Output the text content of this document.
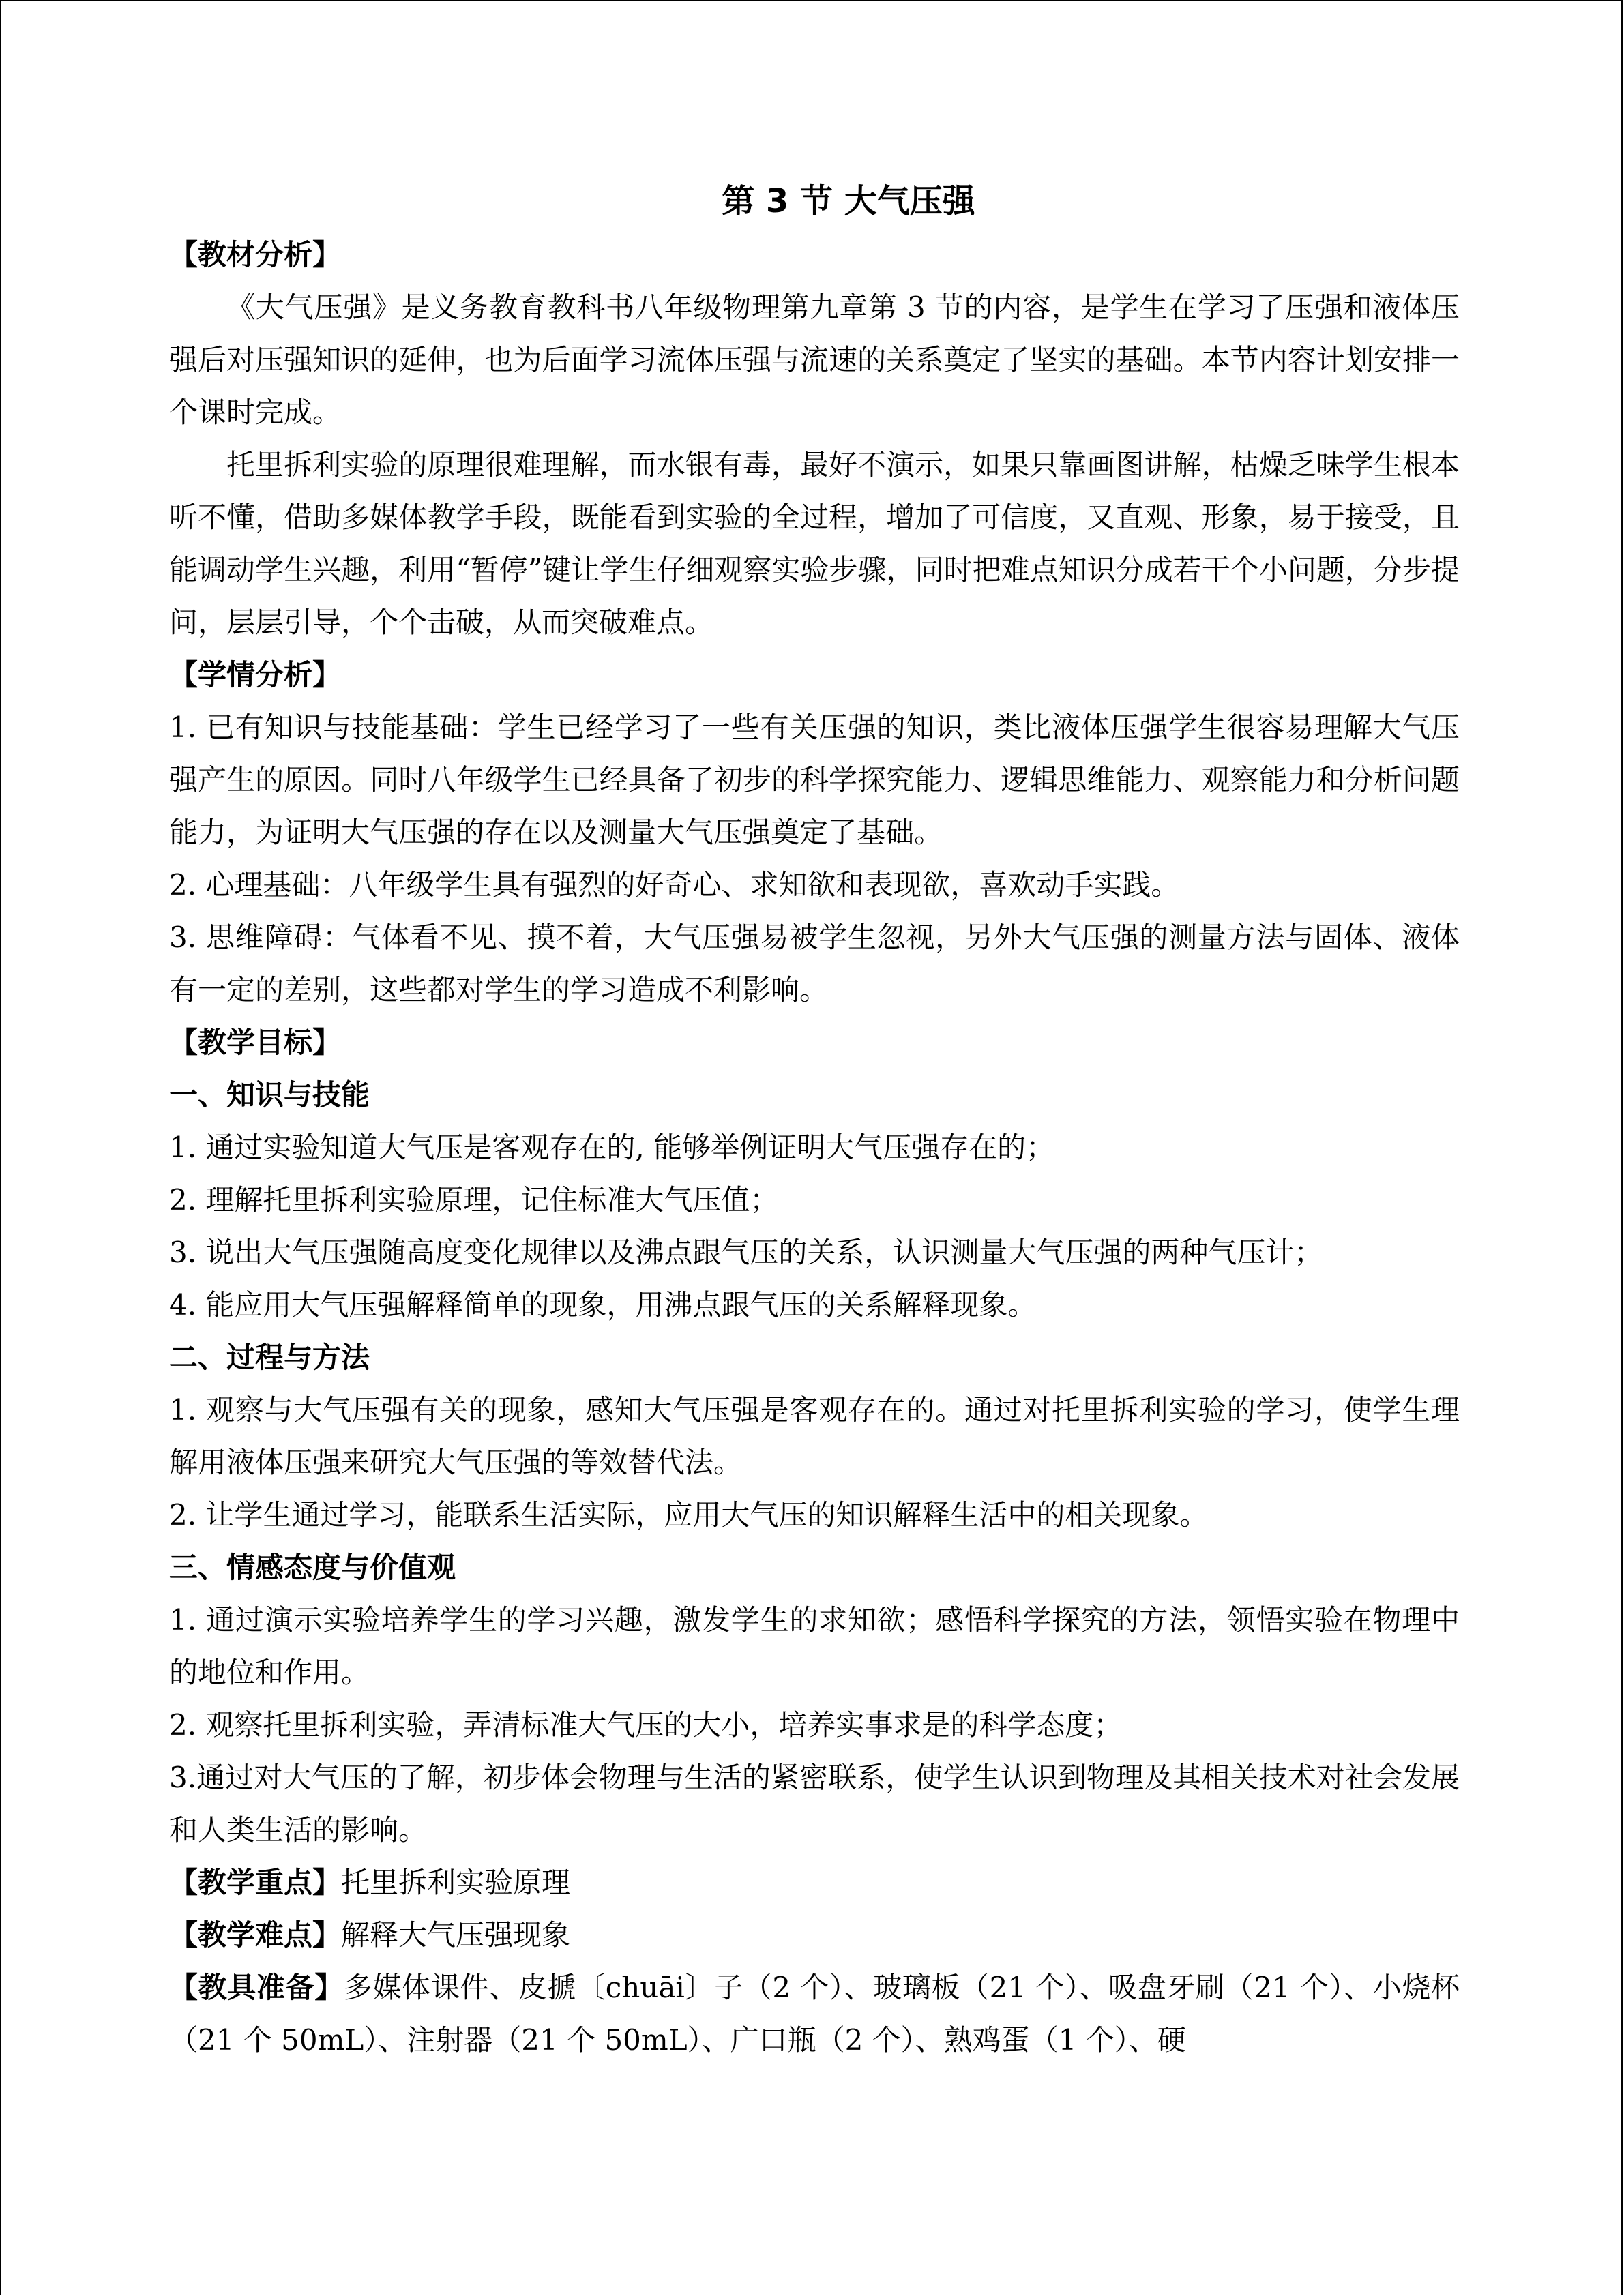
第 3 节 大气压强
【教材分析】

《大气压强》是义务教育教科书八年级物理第九章第 3 节的内容，是学生在学习了压强和液体压强后对压强知识的延伸，也为后面学习流体压强与流速的关系奠定了坚实的基础。本节内容计划安排一个课时完成。

托里拆利实验的原理很难理解，而水银有毒，最好不演示，如果只靠画图讲解，枯燥乏味学生根本听不懂，借助多媒体教学手段，既能看到实验的全过程，增加了可信度，又直观、形象，易于接受，且能调动学生兴趣，利用“暂停”键让学生仔细观察实验步骤，同时把难点知识分成若干个小问题，分步提问，层层引导，个个击破，从而突破难点。

【学情分析】

1. 已有知识与技能基础：学生已经学习了一些有关压强的知识，类比液体压强学生很容易理解大气压强产生的原因。同时八年级学生已经具备了初步的科学探究能力、逻辑思维能力、观察能力和分析问题能力，为证明大气压强的存在以及测量大气压强奠定了基础。

2. 心理基础：八年级学生具有强烈的好奇心、求知欲和表现欲，喜欢动手实践。

3. 思维障碍：气体看不见、摸不着，大气压强易被学生忽视，另外大气压强的测量方法与固体、液体有一定的差别，这些都对学生的学习造成不利影响。

【教学目标】
一、知识与技能

1. 通过实验知道大气压是客观存在的, 能够举例证明大气压强存在的；

2. 理解托里拆利实验原理，记住标准大气压值；

3. 说出大气压强随高度变化规律以及沸点跟气压的关系，认识测量大气压强的两种气压计；

4. 能应用大气压强解释简单的现象，用沸点跟气压的关系解释现象。

二、过程与方法

1. 观察与大气压强有关的现象，感知大气压强是客观存在的。通过对托里拆利实验的学习，使学生理解用液体压强来研究大气压强的等效替代法。

2. 让学生通过学习，能联系生活实际，应用大气压的知识解释生活中的相关现象。

三、情感态度与价值观

1. 通过演示实验培养学生的学习兴趣，激发学生的求知欲；感悟科学探究的方法，领悟实验在物理中的地位和作用。

2. 观察托里拆利实验，弄清标准大气压的大小，培养实事求是的科学态度；

3.通过对大气压的了解，初步体会物理与生活的紧密联系，使学生认识到物理及其相关技术对社会发展和人类生活的影响。

【教学重点】托里拆利实验原理
【教学难点】解释大气压强现象
【教具准备】多媒体课件、皮搋〔chuāi〕子（2 个）、玻璃板（21 个）、吸盘牙刷（21 个）、小烧杯（21 个 50mL）、注射器（21 个 50mL）、广口瓶（2 个）、熟鸡蛋（1 个）、硬
